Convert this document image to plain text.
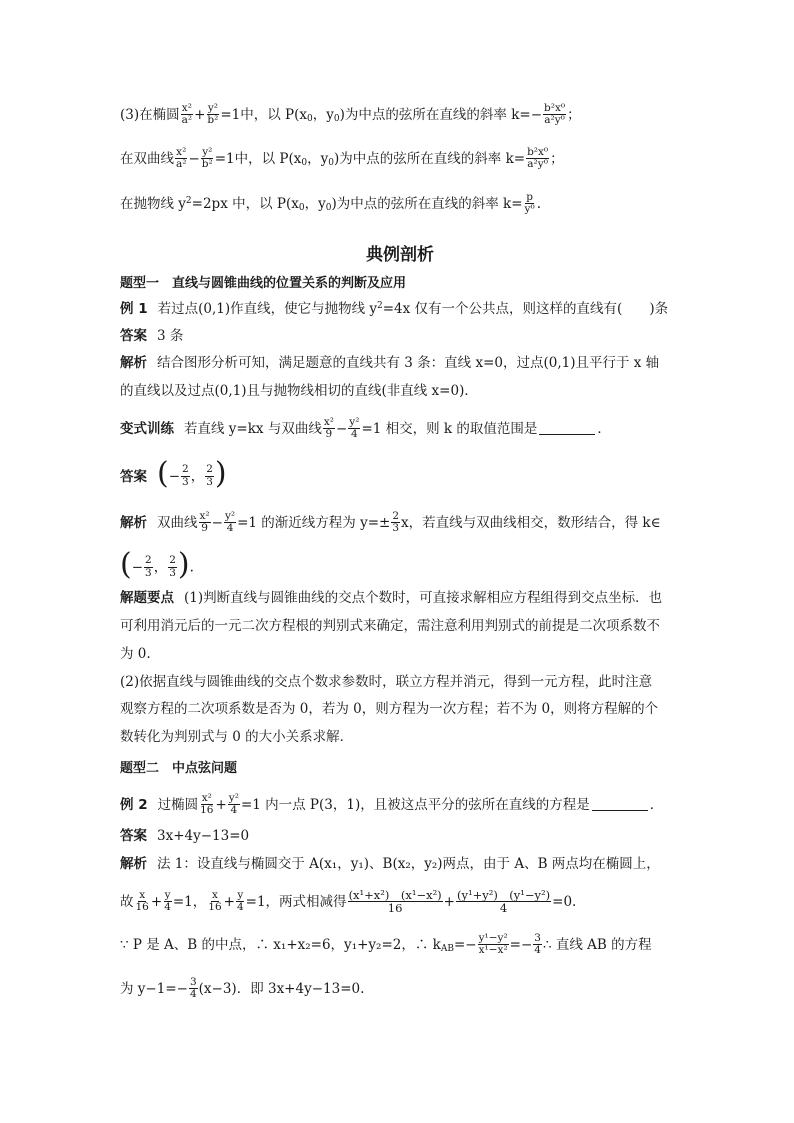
(3)在椭圆 $\frac{\text{x²}}{\text{a²}} + \frac{\text{y²}}{\text{b²}} =1$中，以 $P(x_0$，$y_0$)为中点的弦所在直线的斜率 $k=- \frac{\text{b²x⁰}}{\text{a²y⁰}}$ ；
在双曲线 $\frac{\text{x²}}{\text{a²}} - \frac{\text{y²}}{\text{b²}} =1$中，以 $P(x_0$，$y_0$)为中点的弦所在直线的斜率 $k= \frac{\text{b²x⁰}}{\text{a²y⁰}}$ ；
在抛物线 $y^2=2px$ 中，以 $P(x_0$，$y_0$)为中点的弦所在直线的斜率 $k= \frac{p}{\text{y⁰}}$ .
典例剖析
题型一　直线与圆锥曲线的位置关系的判断及应用
例 1 若过点(0,1)作直线，使它与抛物线 $y^2=4x$ 仅有一个公共点，则这样的直线有(　　)条
答案 3 条
解析 结合图形分析可知，满足题意的直线共有 3 条：直线 x=0，过点(0,1)且平行于 x 轴
的直线以及过点(0,1)且与抛物线相切的直线(非直线 x=0)．
变式训练 若直线 y=kx 与双曲线 $\frac{\text{x²}}{9} - \frac{\text{y²}}{4} =1$ 相交，则 k 的取值范围是	．
答案 (− $\frac{2}{3}$ ， $\frac{2}{3}$ )
解析 双曲线 $\frac{\text{x²}}{9} - \frac{\text{y²}}{4} =1$ 的渐近线方程为 $y=\pm \frac{2}{3}$ x，若直线与双曲线相交，数形结合，得 k∈
(− $\frac{2}{3}$ ， $\frac{2}{3}$ ).
解题要点 (1)判断直线与圆锥曲线的交点个数时，可直接求解相应方程组得到交点坐标．也
可利用消元后的一元二次方程根的判别式来确定，需注意利用判别式的前提是二次项系数不
为 0.
(2)依据直线与圆锥曲线的交点个数求参数时，联立方程并消元，得到一元方程，此时注意
观察方程的二次项系数是否为 0，若为 0，则方程为一次方程；若不为 0，则将方程解的个
数转化为判别式与 0 的大小关系求解．
题型二　中点弦问题
例 2 过椭圆 $\frac{\text{x²}}{16} + \frac{\text{y²}}{4} =1$ 内一点 P(3，1)，且被这点平分的弦所在直线的方程是	．
答案 3x+4y−13=0
解析 法 1：设直线与椭圆交于 A(x₁，y₁)、B(x₂，y₂)两点，由于 A、B 两点均在椭圆上，
故 $\frac{x}{16} + \frac{y}{4} =1$， $\frac{x}{16} + \frac{y}{4} =1$，两式相减得 $\frac{\text{(x¹+x²)　(x¹−x²)}}{16} + \frac{\text{(y¹+y²)　(y¹−y²)}}{4} =0$.
∵ P 是 A、B 的中点，∴ x₁+x₂=6，y₁+y₂=2，∴ $k_{AB}=- \frac{\text{y¹−y²}}{\text{x¹−x²}} =- \frac{3}{4}$ ∴ 直线 AB 的方程
为 $y-1=- \frac{3}{4} (x-3)$．即 3x+4y−13=0.
